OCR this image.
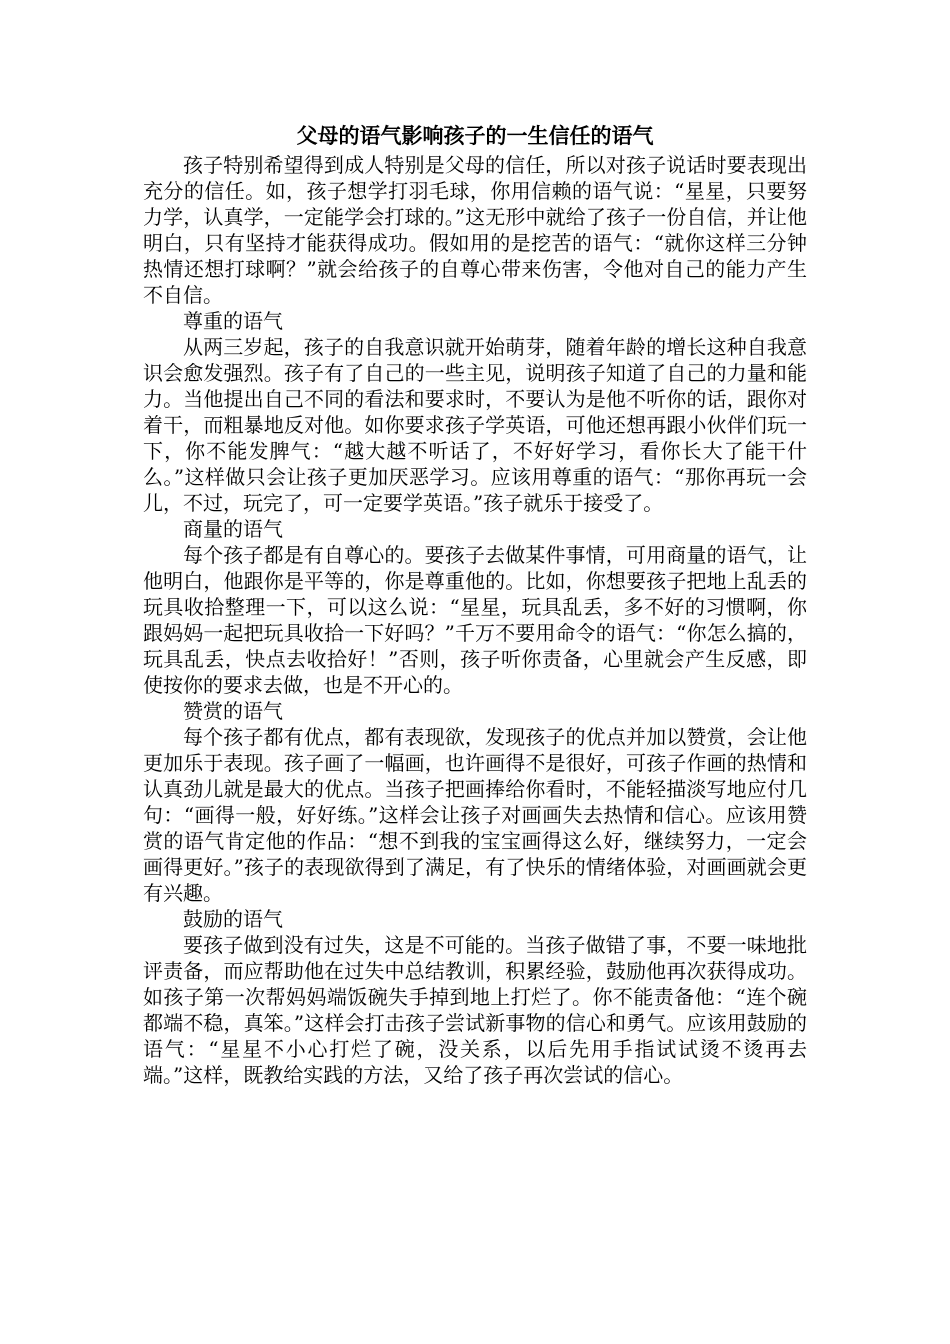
父母的语气影响孩子的一生信任的语气

孩子特别希望得到成人特别是父母的信任，所以对孩子说话时要表现出充分的信任。如，孩子想学打羽毛球，你用信赖的语气说：“星星，只要努力学，认真学，一定能学会打球的。”这无形中就给了孩子一份自信，并让他明白，只有坚持才能获得成功。假如用的是挖苦的语气：“就你这样三分钟热情还想打球啊？”就会给孩子的自尊心带来伤害，令他对自己的能力产生不自信。

尊重的语气

从两三岁起，孩子的自我意识就开始萌芽，随着年龄的增长这种自我意识会愈发强烈。孩子有了自己的一些主见，说明孩子知道了自己的力量和能力。当他提出自己不同的看法和要求时，不要认为是他不听你的话，跟你对着干，而粗暴地反对他。如你要求孩子学英语，可他还想再跟小伙伴们玩一下，你不能发脾气：“越大越不听话了，不好好学习，看你长大了能干什么。”这样做只会让孩子更加厌恶学习。应该用尊重的语气：“那你再玩一会儿，不过，玩完了，可一定要学英语。”孩子就乐于接受了。

商量的语气

每个孩子都是有自尊心的。要孩子去做某件事情，可用商量的语气，让他明白，他跟你是平等的，你是尊重他的。比如，你想要孩子把地上乱丢的玩具收拾整理一下，可以这么说：“星星，玩具乱丢，多不好的习惯啊，你跟妈妈一起把玩具收拾一下好吗？”千万不要用命令的语气：“你怎么搞的，玩具乱丢，快点去收拾好！”否则，孩子听你责备，心里就会产生反感，即使按你的要求去做，也是不开心的。

赞赏的语气

每个孩子都有优点，都有表现欲，发现孩子的优点并加以赞赏，会让他更加乐于表现。孩子画了一幅画，也许画得不是很好，可孩子作画的热情和认真劲儿就是最大的优点。当孩子把画捧给你看时，不能轻描淡写地应付几句：“画得一般，好好练。”这样会让孩子对画画失去热情和信心。应该用赞赏的语气肯定他的作品：“想不到我的宝宝画得这么好，继续努力，一定会画得更好。”孩子的表现欲得到了满足，有了快乐的情绪体验，对画画就会更有兴趣。

鼓励的语气

要孩子做到没有过失，这是不可能的。当孩子做错了事，不要一味地批评责备，而应帮助他在过失中总结教训，积累经验，鼓励他再次获得成功。如孩子第一次帮妈妈端饭碗失手掉到地上打烂了。你不能责备他：“连个碗都端不稳，真笨。”这样会打击孩子尝试新事物的信心和勇气。应该用鼓励的语气：“星星不小心打烂了碗，没关系，以后先用手指试试烫不烫再去端。”这样，既教给实践的方法，又给了孩子再次尝试的信心。
